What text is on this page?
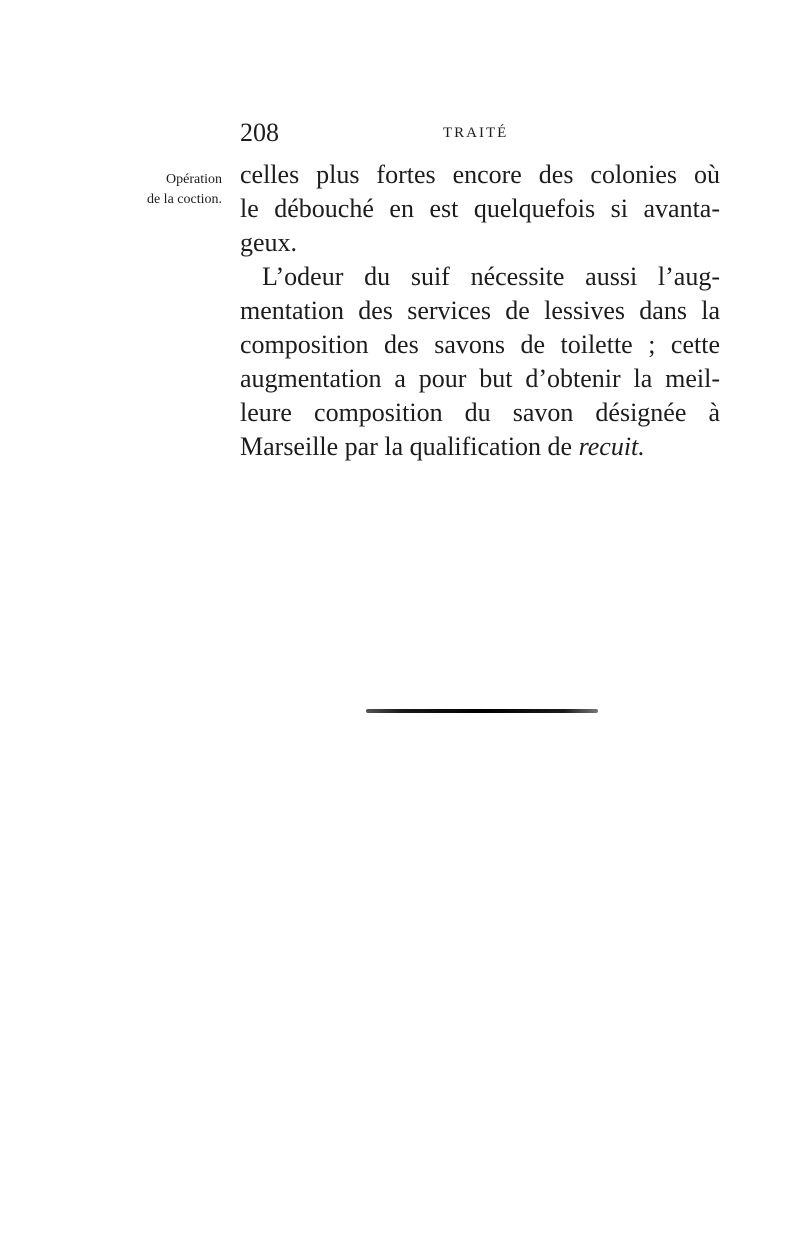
208	TRAITÉ
Opération
de la coction.
celles plus fortes encore des colonies où
le débouché en est quelquefois si avanta-
geux.
L’odeur du suif nécessite aussi l’aug-
mentation des services de lessives dans la
composition des savons de toilette ; cette
augmentation a pour but d’obtenir la meil-
leure composition du savon désignée à
Marseille par la qualification de recuit.
